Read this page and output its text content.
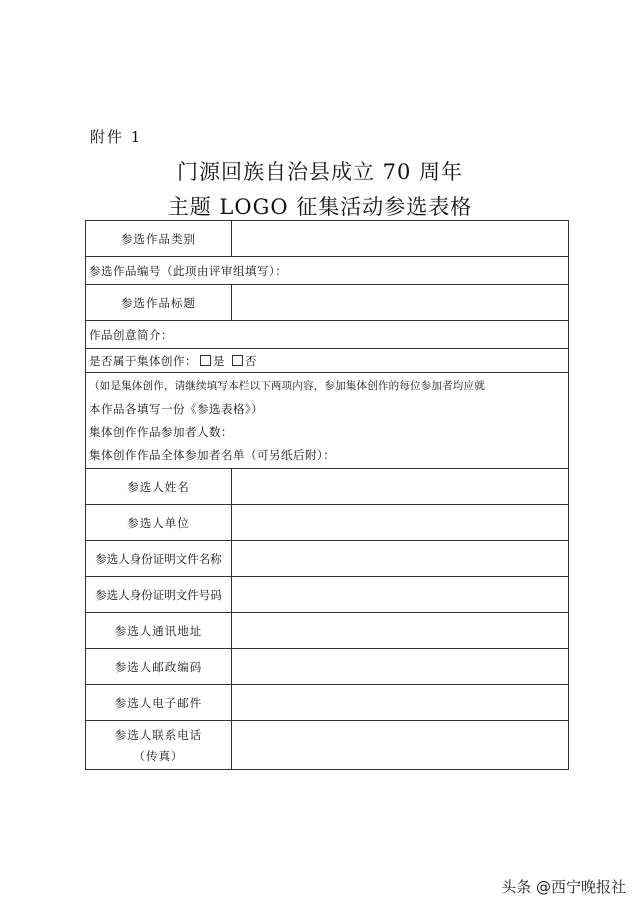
附件 1
门源回族自治县成立 70 周年
主题 LOGO 征集活动参选表格
参选作品类别	
参选作品编号（此项由评审组填写）：	
参选作品标题	
作品创意简介：	
是否属于集体创作： 是 否	

（如是集体创作，请继续填写本栏以下两项内容，参加集体创作的每位参加者均应就
本作品各填写一份《参选表格》）
集体创作作品参加者人数：
集体创作作品全体参加者名单（可另纸后附）：	

参选人姓名	
参选人单位	
参选人身份证明文件名称	
参选人身份证明文件号码	
参选人通讯地址	
参选人邮政编码	
参选人电子邮件	

参选人联系电话
（传真）	

头条 @西宁晚报社
